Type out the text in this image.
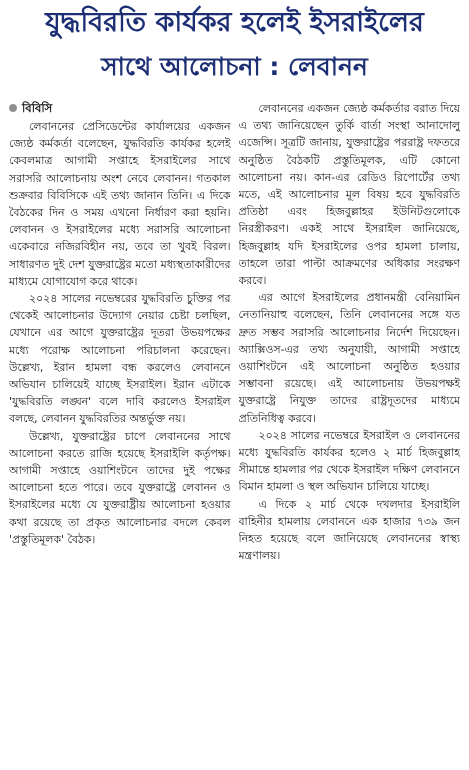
যুদ্ধবিরতি কার্যকর হলেই ইসরাইলের
সাথে আলোচনা : লেবানন
বিবিসি

লেবাননের প্রেসিডেন্টের কার্যালয়ের একজন জ্যেষ্ঠ কর্মকর্তা বলেছেন, যুদ্ধবিরতি কার্যকর হলেই কেবলমাত্র আগামী সপ্তাহে ইসরাইলের সাথে সরাসরি আলোচনায় অংশ নেবে লেবানন। গতকাল শুক্রবার বিবিসিকে এই তথ্য জানান তিনি। এ দিকে বৈঠকের দিন ও সময় এখনো নির্ধারণ করা হয়নি। লেবানন ও ইসরাইলের মধ্যে সরাসরি আলোচনা একেবারে নজিরবিহীন নয়, তবে তা খুবই বিরল। সাধারণত দুই দেশ যুক্তরাষ্ট্রের মতো মধ্যস্থতাকারীদের মাধ্যমে যোগাযোগ করে থাকে।

২০২৪ সালের নভেম্বরের যুদ্ধবিরতি চুক্তির পর থেকেই আলোচনার উদ্যোগ নেয়ার চেষ্টা চলছিল, যেখানে এর আগে যুক্তরাষ্ট্রের দূতরা উভয়পক্ষের মধ্যে পরোক্ষ আলোচনা পরিচালনা করেছেন। উল্লেখ্য, ইরান হামলা বন্ধ করলেও লেবাননে অভিযান চালিয়েই যাচ্ছে ইসরাইল। ইরান এটাকে 'যুদ্ধবিরতি লঙ্ঘন' বলে দাবি করলেও ইসরাইল বলছে, লেবানন যুদ্ধবিরতির অন্তর্ভুক্ত নয়।

উল্লেখ্য, যুক্তরাষ্ট্রের চাপে লেবাননের সাথে আলোচনা করতে রাজি হয়েছে ইসরাইলি কর্তৃপক্ষ। আগামী সপ্তাহে ওয়াশিংটনে তাদের দুই পক্ষের আলোচনা হতে পারে। তবে যুক্তরাষ্ট্রে লেবানন ও ইসরাইলের মধ্যে যে যুক্তরাষ্ট্রীয় আলোচনা হওয়ার কথা রয়েছে তা প্রকৃত আলোচনার বদলে কেবল 'প্রস্তুতিমূলক' বৈঠক।

লেবাননের একজন জ্যেষ্ঠ কর্মকর্তার বরাত দিয়ে এ তথ্য জানিয়েছেন তুর্কি বার্তা সংস্থা আনাদোলু এজেন্সি। সূত্রটি জানায়, যুক্তরাষ্ট্রের পররাষ্ট্র দফতরে অনুষ্ঠিত বৈঠকটি প্রস্তুতিমূলক, এটি কোনো আলোচনা নয়। কান-এর রেডিও রিপোর্টের তথ্য মতে, এই আলোচনার মূল বিষয় হবে যুদ্ধবিরতি প্রতিষ্ঠা এবং হিজবুল্লাহর ইউনিটগুলোকে নিরস্ত্রীকরণ। একই সাথে ইসরাইল জানিয়েছে, হিজবুল্লাহ যদি ইসরাইলের ওপর হামলা চালায়, তাহলে তারা পাল্টা আক্রমণের অধিকার সংরক্ষণ করবে।

এর আগে ইসরাইলের প্রধানমন্ত্রী বেনিয়ামিন নেতানিয়াহু বলেছেন, তিনি লেবাননের সঙ্গে যত দ্রুত সম্ভব সরাসরি আলোচনার নির্দেশ দিয়েছেন। অ্যাক্সিওস-এর তথ্য অনুযায়ী, আগামী সপ্তাহে ওয়াশিংটনে এই আলোচনা অনুষ্ঠিত হওয়ার সম্ভাবনা রয়েছে। এই আলোচনায় উভয়পক্ষই যুক্তরাষ্ট্রে নিযুক্ত তাদের রাষ্ট্রদূতদের মাধ্যমে প্রতিনিধিত্ব করবে।

২০২৪ সালের নভেম্বরে ইসরাইল ও লেবাননের মধ্যে যুদ্ধবিরতি কার্যকর হলেও ২ মার্চ হিজবুল্লাহ সীমান্তে হামলার পর থেকে ইসরাইল দক্ষিণ লেবাননে বিমান হামলা ও স্থল অভিযান চালিয়ে যাচ্ছে।

এ দিকে ২ মার্চ থেকে দখলদার ইসরাইলি বাহিনীর হামলায় লেবাননে এক হাজার ৭৩৯ জন নিহত হয়েছে বলে জানিয়েছে লেবাননের স্বাস্থ্য মন্ত্রণালয়।
